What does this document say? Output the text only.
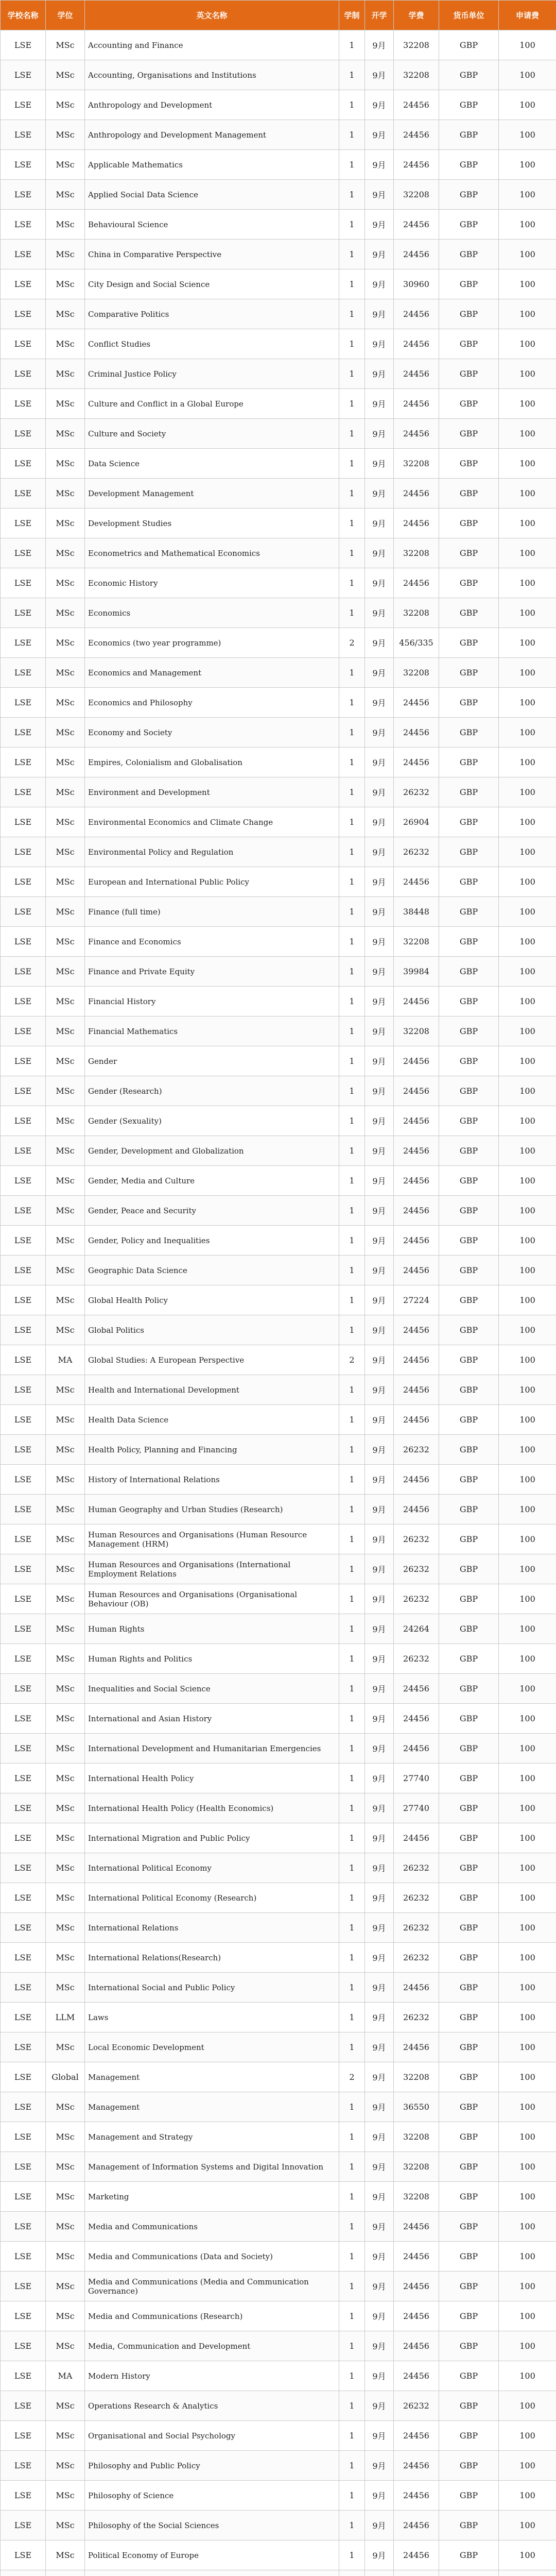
学校名称	学位	英文名称	学制	开学	学费	货币单位	申请费
LSE	MSc	Accounting and Finance	1	9月	32208	GBP	100
LSE	MSc	Accounting, Organisations and Institutions	1	9月	32208	GBP	100
LSE	MSc	Anthropology and Development	1	9月	24456	GBP	100
LSE	MSc	Anthropology and Development Management	1	9月	24456	GBP	100
LSE	MSc	Applicable Mathematics	1	9月	24456	GBP	100
LSE	MSc	Applied Social Data Science	1	9月	32208	GBP	100
LSE	MSc	Behavioural Science	1	9月	24456	GBP	100
LSE	MSc	China in Comparative Perspective	1	9月	24456	GBP	100
LSE	MSc	City Design and Social Science	1	9月	30960	GBP	100
LSE	MSc	Comparative Politics	1	9月	24456	GBP	100
LSE	MSc	Conflict Studies	1	9月	24456	GBP	100
LSE	MSc	Criminal Justice Policy	1	9月	24456	GBP	100
LSE	MSc	Culture and Conflict in a Global Europe	1	9月	24456	GBP	100
LSE	MSc	Culture and Society	1	9月	24456	GBP	100
LSE	MSc	Data Science	1	9月	32208	GBP	100
LSE	MSc	Development Management	1	9月	24456	GBP	100
LSE	MSc	Development Studies	1	9月	24456	GBP	100
LSE	MSc	Econometrics and Mathematical Economics	1	9月	32208	GBP	100
LSE	MSc	Economic History	1	9月	24456	GBP	100
LSE	MSc	Economics	1	9月	32208	GBP	100
LSE	MSc	Economics (two year programme)	2	9月	456/335	GBP	100
LSE	MSc	Economics and Management	1	9月	32208	GBP	100
LSE	MSc	Economics and Philosophy	1	9月	24456	GBP	100
LSE	MSc	Economy and Society	1	9月	24456	GBP	100
LSE	MSc	Empires, Colonialism and Globalisation	1	9月	24456	GBP	100
LSE	MSc	Environment and Development	1	9月	26232	GBP	100
LSE	MSc	Environmental Economics and Climate Change	1	9月	26904	GBP	100
LSE	MSc	Environmental Policy and Regulation	1	9月	26232	GBP	100
LSE	MSc	European and International Public Policy	1	9月	24456	GBP	100
LSE	MSc	Finance (full time)	1	9月	38448	GBP	100
LSE	MSc	Finance and Economics	1	9月	32208	GBP	100
LSE	MSc	Finance and Private Equity	1	9月	39984	GBP	100
LSE	MSc	Financial History	1	9月	24456	GBP	100
LSE	MSc	Financial Mathematics	1	9月	32208	GBP	100
LSE	MSc	Gender	1	9月	24456	GBP	100
LSE	MSc	Gender (Research)	1	9月	24456	GBP	100
LSE	MSc	Gender (Sexuality)	1	9月	24456	GBP	100
LSE	MSc	Gender, Development and Globalization	1	9月	24456	GBP	100
LSE	MSc	Gender, Media and Culture	1	9月	24456	GBP	100
LSE	MSc	Gender, Peace and Security	1	9月	24456	GBP	100
LSE	MSc	Gender, Policy and Inequalities	1	9月	24456	GBP	100
LSE	MSc	Geographic Data Science	1	9月	24456	GBP	100
LSE	MSc	Global Health Policy	1	9月	27224	GBP	100
LSE	MSc	Global Politics	1	9月	24456	GBP	100
LSE	MA	Global Studies: A European Perspective	2	9月	24456	GBP	100
LSE	MSc	Health and International Development	1	9月	24456	GBP	100
LSE	MSc	Health Data Science	1	9月	24456	GBP	100
LSE	MSc	Health Policy, Planning and Financing	1	9月	26232	GBP	100
LSE	MSc	History of International Relations	1	9月	24456	GBP	100
LSE	MSc	Human Geography and Urban Studies (Research)	1	9月	24456	GBP	100
LSE	MSc	Human Resources and Organisations (Human Resource Management (HRM)	1	9月	26232	GBP	100
LSE	MSc	Human Resources and Organisations (International Employment Relations	1	9月	26232	GBP	100
LSE	MSc	Human Resources and Organisations (Organisational Behaviour (OB)	1	9月	26232	GBP	100
LSE	MSc	Human Rights	1	9月	24264	GBP	100
LSE	MSc	Human Rights and Politics	1	9月	26232	GBP	100
LSE	MSc	Inequalities and Social Science	1	9月	24456	GBP	100
LSE	MSc	International and Asian History	1	9月	24456	GBP	100
LSE	MSc	International Development and Humanitarian Emergencies	1	9月	24456	GBP	100
LSE	MSc	International Health Policy	1	9月	27740	GBP	100
LSE	MSc	International Health Policy (Health Economics)	1	9月	27740	GBP	100
LSE	MSc	International Migration and Public Policy	1	9月	24456	GBP	100
LSE	MSc	International Political Economy	1	9月	26232	GBP	100
LSE	MSc	International Political Economy (Research)	1	9月	26232	GBP	100
LSE	MSc	International Relations	1	9月	26232	GBP	100
LSE	MSc	International Relations(Research)	1	9月	26232	GBP	100
LSE	MSc	International Social and Public Policy	1	9月	24456	GBP	100
LSE	LLM	Laws	1	9月	26232	GBP	100
LSE	MSc	Local Economic Development	1	9月	24456	GBP	100
LSE	Global	Management	2	9月	32208	GBP	100
LSE	MSc	Management	1	9月	36550	GBP	100
LSE	MSc	Management and Strategy	1	9月	32208	GBP	100
LSE	MSc	Management of Information Systems and Digital Innovation	1	9月	32208	GBP	100
LSE	MSc	Marketing	1	9月	32208	GBP	100
LSE	MSc	Media and Communications	1	9月	24456	GBP	100
LSE	MSc	Media and Communications (Data and Society)	1	9月	24456	GBP	100
LSE	MSc	Media and Communications (Media and Communication Governance)	1	9月	24456	GBP	100
LSE	MSc	Media and Communications (Research)	1	9月	24456	GBP	100
LSE	MSc	Media, Communication and Development	1	9月	24456	GBP	100
LSE	MA	Modern History	1	9月	24456	GBP	100
LSE	MSc	Operations Research & Analytics	1	9月	26232	GBP	100
LSE	MSc	Organisational and Social Psychology	1	9月	24456	GBP	100
LSE	MSc	Philosophy and Public Policy	1	9月	24456	GBP	100
LSE	MSc	Philosophy of Science	1	9月	24456	GBP	100
LSE	MSc	Philosophy of the Social Sciences	1	9月	24456	GBP	100
LSE	MSc	Political Economy of Europe	1	9月	24456	GBP	100
